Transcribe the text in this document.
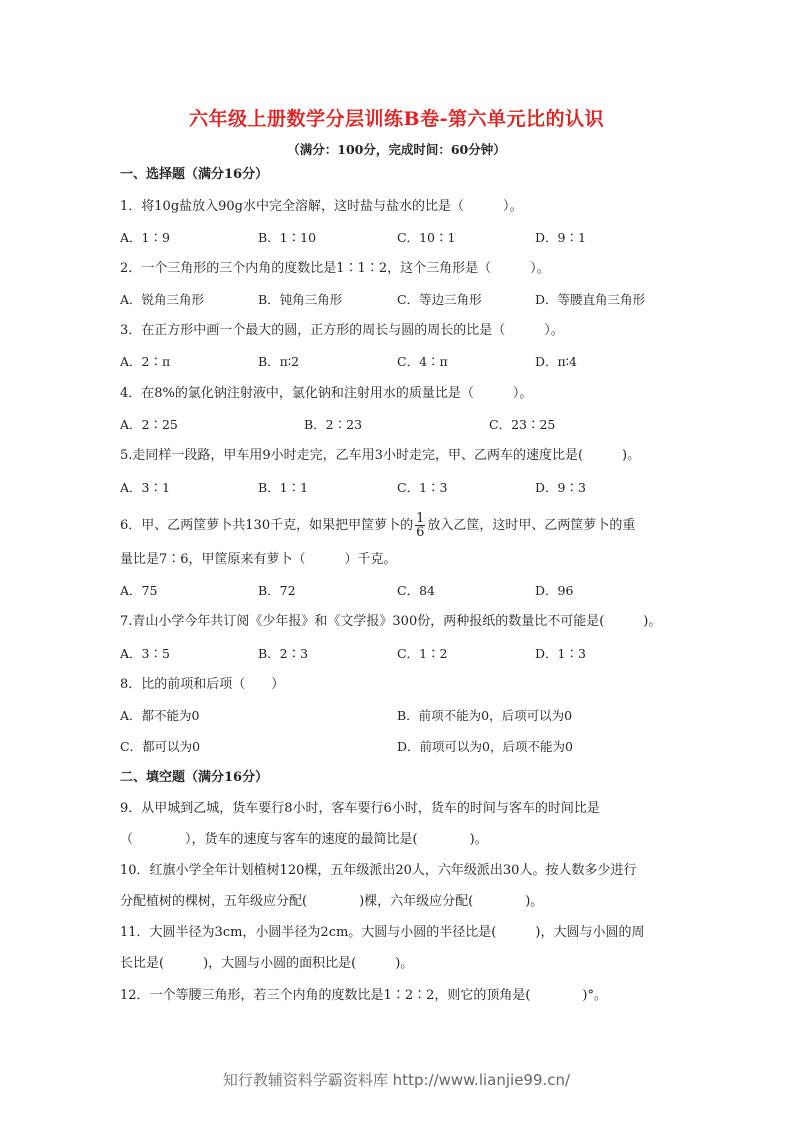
六年级上册数学分层训练B卷-第六单元比的认识
（满分：100分，完成时间：60分钟）
一、选择题（满分16分）
1．将10g盐放入90g水中完全溶解，这时盐与盐水的比是（　　　）。
A．1∶9	B．1∶10	C．10∶1	D．9∶1
2．一个三角形的三个内角的度数比是1∶1∶2，这个三角形是（　　　）。
A．锐角三角形	B．钝角三角形	C．等边三角形	D．等腰直角三角形
3．在正方形中画一个最大的圆，正方形的周长与圆的周长的比是（　　　）。
A．2∶π	B．π∶2	C．4∶π	D．π∶4
4．在8%的氯化钠注射液中，氯化钠和注射用水的质量比是（　　　）。
A．2∶25	B．2∶23	C．23∶25
5.走同样一段路，甲车用9小时走完，乙车用3小时走完，甲、乙两车的速度比是(　　　)。
A．3∶1	B．1∶1	C．1∶3	D．9∶3
6．甲、乙两筐萝卜共130千克，如果把甲筐萝卜的 $\frac{1}{6}$ 放入乙筐，这时甲、乙两筐萝卜的重
量比是7∶6，甲筐原来有萝卜（　　　）千克。
A．75	B．72	C．84	D．96
7.青山小学今年共订阅《少年报》和《文学报》300份，两种报纸的数量比不可能是(　　　)。
A．3∶5	B．2∶3	C．1∶2	D．1∶3
8．比的前项和后项（　　）
A．都不能为0	B．前项不能为0，后项可以为0
C．都可以为0	D．前项可以为0，后项不能为0
二、填空题（满分16分）
9．从甲城到乙城，货车要行8小时，客车要行6小时，货车的时间与客车的时间比是
（　　　　），货车的速度与客车的速度的最简比是(　　　　)。
10．红旗小学全年计划植树120棵，五年级派出20人，六年级派出30人。按人数多少进行
分配植树的棵树，五年级应分配(　　　　)棵，六年级应分配(　　　　)。
11．大圆半径为3cm，小圆半径为2cm。大圆与小圆的半径比是(　　　)，大圆与小圆的周
长比是(　　　)，大圆与小圆的面积比是(　　　)。
12．一个等腰三角形，若三个内角的度数比是1∶2∶2，则它的顶角是(　　　　)°。
知行教辅资料学霸资料库 http://www.lianjie99.cn/
